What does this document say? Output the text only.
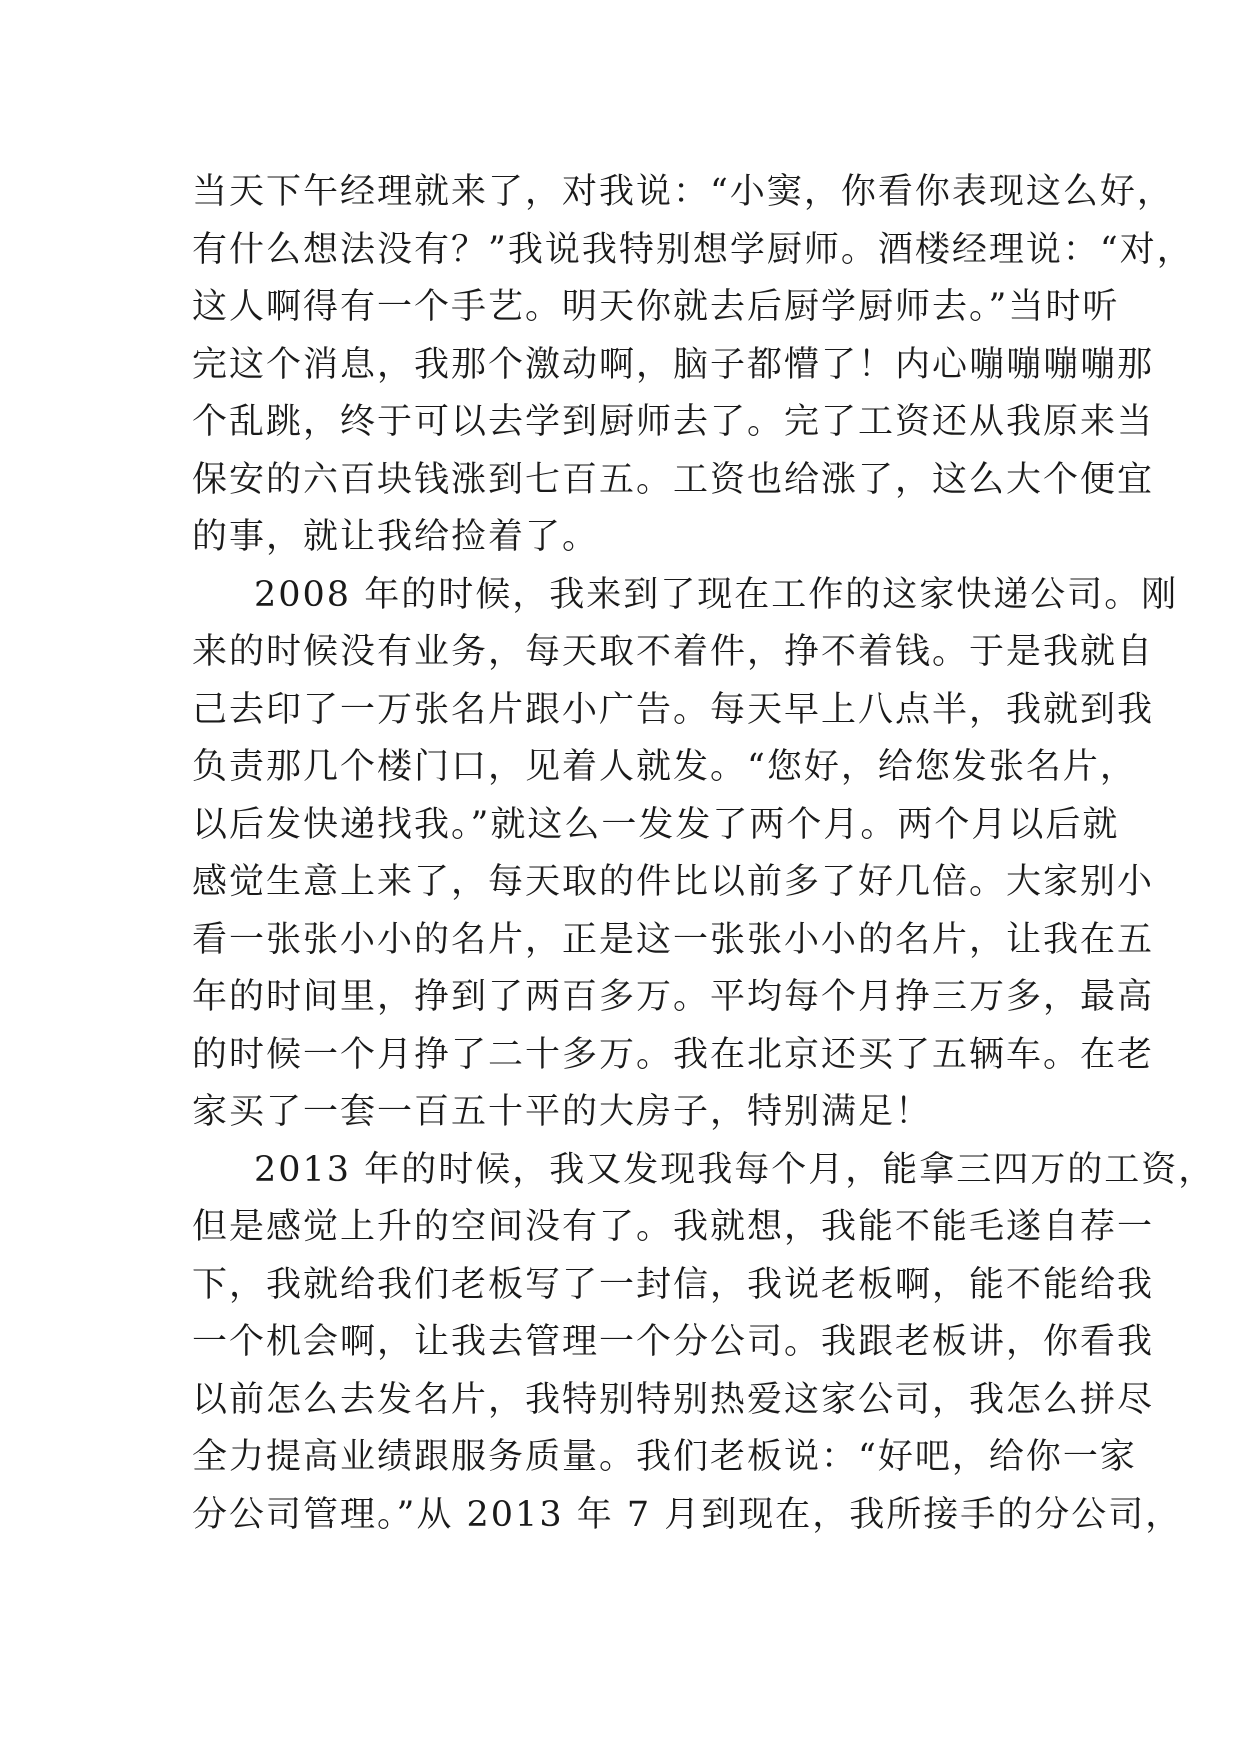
当天下午经理就来了，对我说：“小窦，你看你表现这么好，
有什么想法没有？”我说我特别想学厨师。酒楼经理说：“对，
这人啊得有一个手艺。明天你就去后厨学厨师去。”当时听
完这个消息，我那个激动啊，脑子都懵了！内心嘣嘣嘣嘣那
个乱跳，终于可以去学到厨师去了。完了工资还从我原来当
保安的六百块钱涨到七百五。工资也给涨了，这么大个便宜
的事，就让我给捡着了。
2008 年的时候，我来到了现在工作的这家快递公司。刚
来的时候没有业务，每天取不着件，挣不着钱。于是我就自
己去印了一万张名片跟小广告。每天早上八点半，我就到我
负责那几个楼门口，见着人就发。“您好，给您发张名片，
以后发快递找我。”就这么一发发了两个月。两个月以后就
感觉生意上来了，每天取的件比以前多了好几倍。大家别小
看一张张小小的名片，正是这一张张小小的名片，让我在五
年的时间里，挣到了两百多万。平均每个月挣三万多，最高
的时候一个月挣了二十多万。我在北京还买了五辆车。在老
家买了一套一百五十平的大房子，特别满足！
2013 年的时候，我又发现我每个月，能拿三四万的工资，
但是感觉上升的空间没有了。我就想，我能不能毛遂自荐一
下，我就给我们老板写了一封信，我说老板啊，能不能给我
一个机会啊，让我去管理一个分公司。我跟老板讲，你看我
以前怎么去发名片，我特别特别热爱这家公司，我怎么拼尽
全力提高业绩跟服务质量。我们老板说：“好吧，给你一家
分公司管理。”从 2013 年 7 月到现在，我所接手的分公司，
